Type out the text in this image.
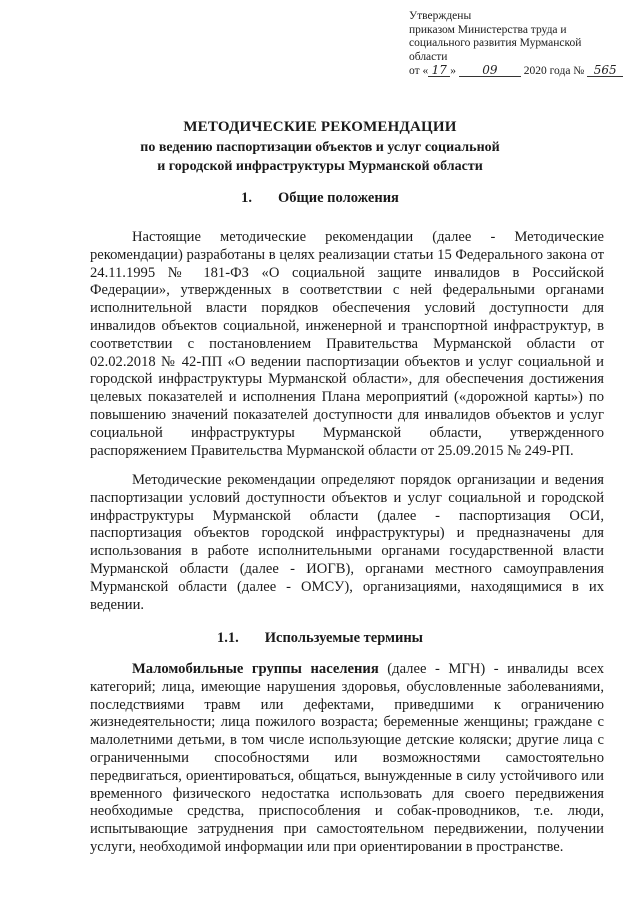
Утверждены
приказом Министерства труда и
социального развития Мурманской
области
от « 17 » 09 2020 года № 565
МЕТОДИЧЕСКИЕ РЕКОМЕНДАЦИИ
по ведению паспортизации объектов и услуг социальной
и городской инфраструктуры Мурманской области
1. Общие положения

Настоящие методические рекомендации (далее - Методические рекомендации) разработаны в целях реализации статьи 15 Федерального закона от 24.11.1995 № 181-ФЗ «О социальной защите инвалидов в Российской Федерации», утвержденных в соответствии с ней федеральными органами исполнительной власти порядков обеспечения условий доступности для инвалидов объектов социальной, инженерной и транспортной инфраструктур, в соответствии с постановлением Правительства Мурманской области от 02.02.2018 № 42-ПП «О ведении паспортизации объектов и услуг социальной и городской инфраструктуры Мурманской области», для обеспечения достижения целевых показателей и исполнения Плана мероприятий («дорожной карты») по повышению значений показателей доступности для инвалидов объектов и услуг социальной инфраструктуры Мурманской области, утвержденного распоряжением Правительства Мурманской области от 25.09.2015 № 249-РП.

Методические рекомендации определяют порядок организации и ведения паспортизации условий доступности объектов и услуг социальной и городской инфраструктуры Мурманской области (далее - паспортизация ОСИ, паспортизация объектов городской инфраструктуры) и предназначены для использования в работе исполнительными органами государственной власти Мурманской области (далее - ИОГВ), органами местного самоуправления Мурманской области (далее - ОМСУ), организациями, находящимися в их ведении.

1.1. Используемые термины

Маломобильные группы населения (далее - МГН) - инвалиды всех категорий; лица, имеющие нарушения здоровья, обусловленные заболеваниями, последствиями травм или дефектами, приведшими к ограничению жизнедеятельности; лица пожилого возраста; беременные женщины; граждане с малолетними детьми, в том числе использующие детские коляски; другие лица с ограниченными способностями или возможностями самостоятельно передвигаться, ориентироваться, общаться, вынужденные в силу устойчивого или временного физического недостатка использовать для своего передвижения необходимые средства, приспособления и собак-проводников, т.е. люди, испытывающие затруднения при самостоятельном передвижении, получении услуги, необходимой информации или при ориентировании в пространстве.
